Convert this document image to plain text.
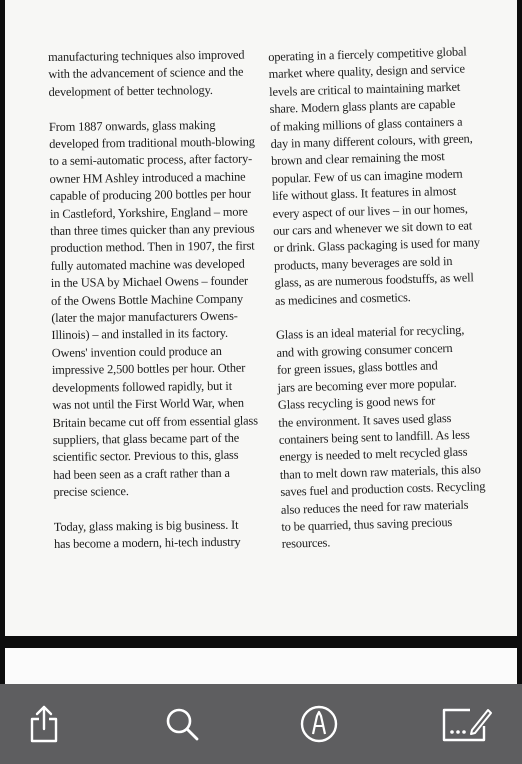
manufacturing techniques also improved
with the advancement of science and the
development of better technology.

From 1887 onwards, glass making
developed from traditional mouth-blowing
to a semi-automatic process, after factory-
owner HM Ashley introduced a machine
capable of producing 200 bottles per hour
in Castleford, Yorkshire, England – more
than three times quicker than any previous
production method. Then in 1907, the first
fully automated machine was developed
in the USA by Michael Owens – founder
of the Owens Bottle Machine Company
(later the major manufacturers Owens-
Illinois) – and installed in its factory.
Owens' invention could produce an
impressive 2,500 bottles per hour. Other
developments followed rapidly, but it
was not until the First World War, when
Britain became cut off from essential glass
suppliers, that glass became part of the
scientific sector. Previous to this, glass
had been seen as a craft rather than a
precise science.

Today, glass making is big business. It
has become a modern, hi-tech industry

operating in a fiercely competitive global
market where quality, design and service
levels are critical to maintaining market
share. Modern glass plants are capable
of making millions of glass containers a
day in many different colours, with green,
brown and clear remaining the most
popular. Few of us can imagine modern
life without glass. It features in almost
every aspect of our lives – in our homes,
our cars and whenever we sit down to eat
or drink. Glass packaging is used for many
products, many beverages are sold in
glass, as are numerous foodstuffs, as well
as medicines and cosmetics.

Glass is an ideal material for recycling,
and with growing consumer concern
for green issues, glass bottles and
jars are becoming ever more popular.
Glass recycling is good news for
the environment. It saves used glass
containers being sent to landfill. As less
energy is needed to melt recycled glass
than to melt down raw materials, this also
saves fuel and production costs. Recycling
also reduces the need for raw materials
to be quarried, thus saving precious
resources.
